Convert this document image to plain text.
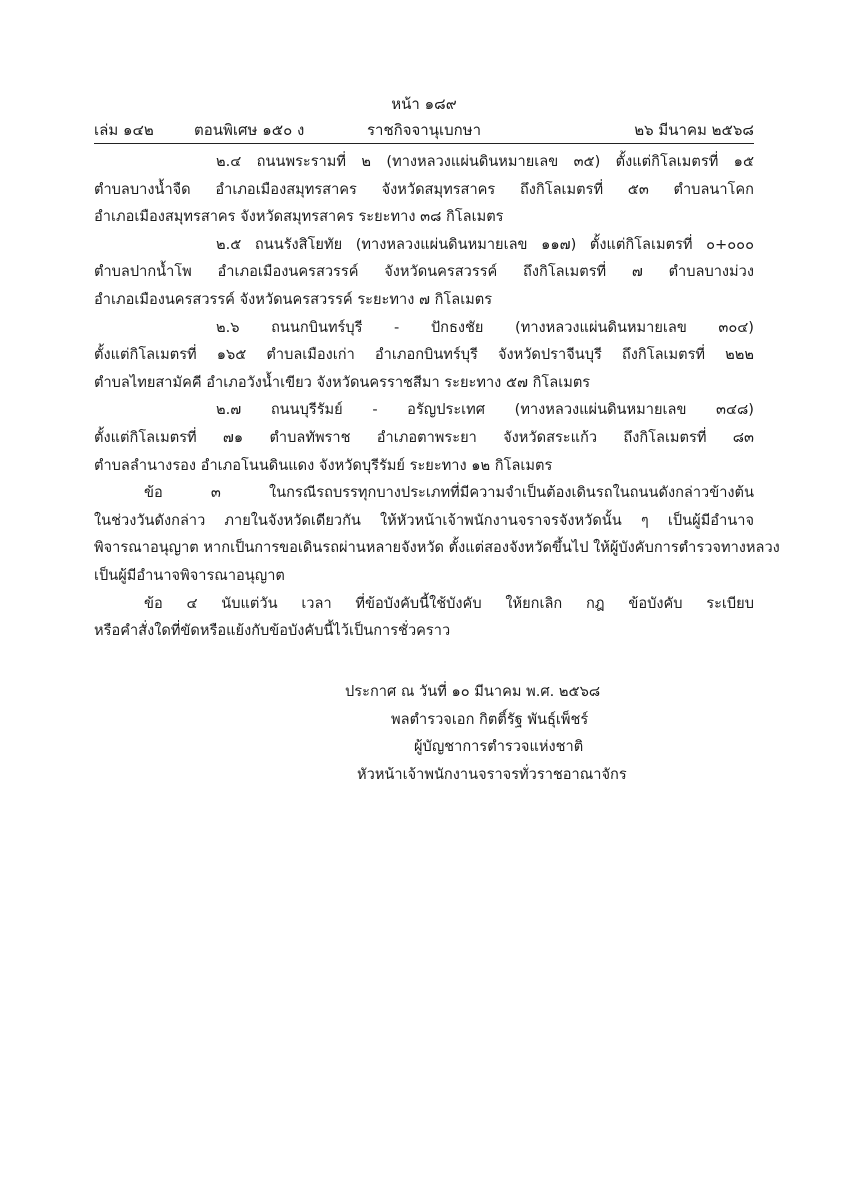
หน้า ๑๘๙
ราชกิจจานุเบกษา
เล่ม ๑๔๒	ตอนพิเศษ ๑๕๐ ง	๒๖ มีนาคม ๒๕๖๘

๒.๔ ถนนพระรามที่ ๒ (ทางหลวงแผ่นดินหมายเลข ๓๕) ตั้งแต่กิโลเมตรที่ ๑๕
ตำบลบางน้ำจืด อำเภอเมืองสมุทรสาคร จังหวัดสมุทรสาคร ถึงกิโลเมตรที่ ๕๓ ตำบลนาโคก
อำเภอเมืองสมุทรสาคร จังหวัดสมุทรสาคร ระยะทาง ๓๘ กิโลเมตร

๒.๕ ถนนรังสิโยทัย (ทางหลวงแผ่นดินหมายเลข ๑๑๗) ตั้งแต่กิโลเมตรที่ ๐+๐๐๐
ตำบลปากน้ำโพ อำเภอเมืองนครสวรรค์ จังหวัดนครสวรรค์ ถึงกิโลเมตรที่ ๗ ตำบลบางม่วง
อำเภอเมืองนครสวรรค์ จังหวัดนครสวรรค์ ระยะทาง ๗ กิโลเมตร

๒.๖ ถนนกบินทร์บุรี - ปักธงชัย (ทางหลวงแผ่นดินหมายเลข ๓๐๔)
ตั้งแต่กิโลเมตรที่ ๑๖๕ ตำบลเมืองเก่า อำเภอกบินทร์บุรี จังหวัดปราจีนบุรี ถึงกิโลเมตรที่ ๒๒๒
ตำบลไทยสามัคคี อำเภอวังน้ำเขียว จังหวัดนครราชสีมา ระยะทาง ๕๗ กิโลเมตร

๒.๗ ถนนบุรีรัมย์ - อรัญประเทศ (ทางหลวงแผ่นดินหมายเลข ๓๔๘)
ตั้งแต่กิโลเมตรที่ ๗๑ ตำบลทัพราช อำเภอตาพระยา จังหวัดสระแก้ว ถึงกิโลเมตรที่ ๘๓
ตำบลลำนางรอง อำเภอโนนดินแดง จังหวัดบุรีรัมย์ ระยะทาง ๑๒ กิโลเมตร

ข้อ ๓ ในกรณีรถบรรทุกบางประเภทที่มีความจำเป็นต้องเดินรถในถนนดังกล่าวข้างต้น
ในช่วงวันดังกล่าว ภายในจังหวัดเดียวกัน ให้หัวหน้าเจ้าพนักงานจราจรจังหวัดนั้น ๆ เป็นผู้มีอำนาจ
พิจารณาอนุญาต หากเป็นการขอเดินรถผ่านหลายจังหวัด ตั้งแต่สองจังหวัดขึ้นไป ให้ผู้บังคับการตำรวจทางหลวง
เป็นผู้มีอำนาจพิจารณาอนุญาต

ข้อ ๔ นับแต่วัน เวลา ที่ข้อบังคับนี้ใช้บังคับ ให้ยกเลิก กฎ ข้อบังคับ ระเบียบ
หรือคำสั่งใดที่ขัดหรือแย้งกับข้อบังคับนี้ไว้เป็นการชั่วคราว

ประกาศ ณ วันที่ ๑๐ มีนาคม พ.ศ. ๒๕๖๘
พลตำรวจเอก กิตติ์รัฐ พันธุ์เพ็ชร์
ผู้บัญชาการตำรวจแห่งชาติ
หัวหน้าเจ้าพนักงานจราจรทั่วราชอาณาจักร
